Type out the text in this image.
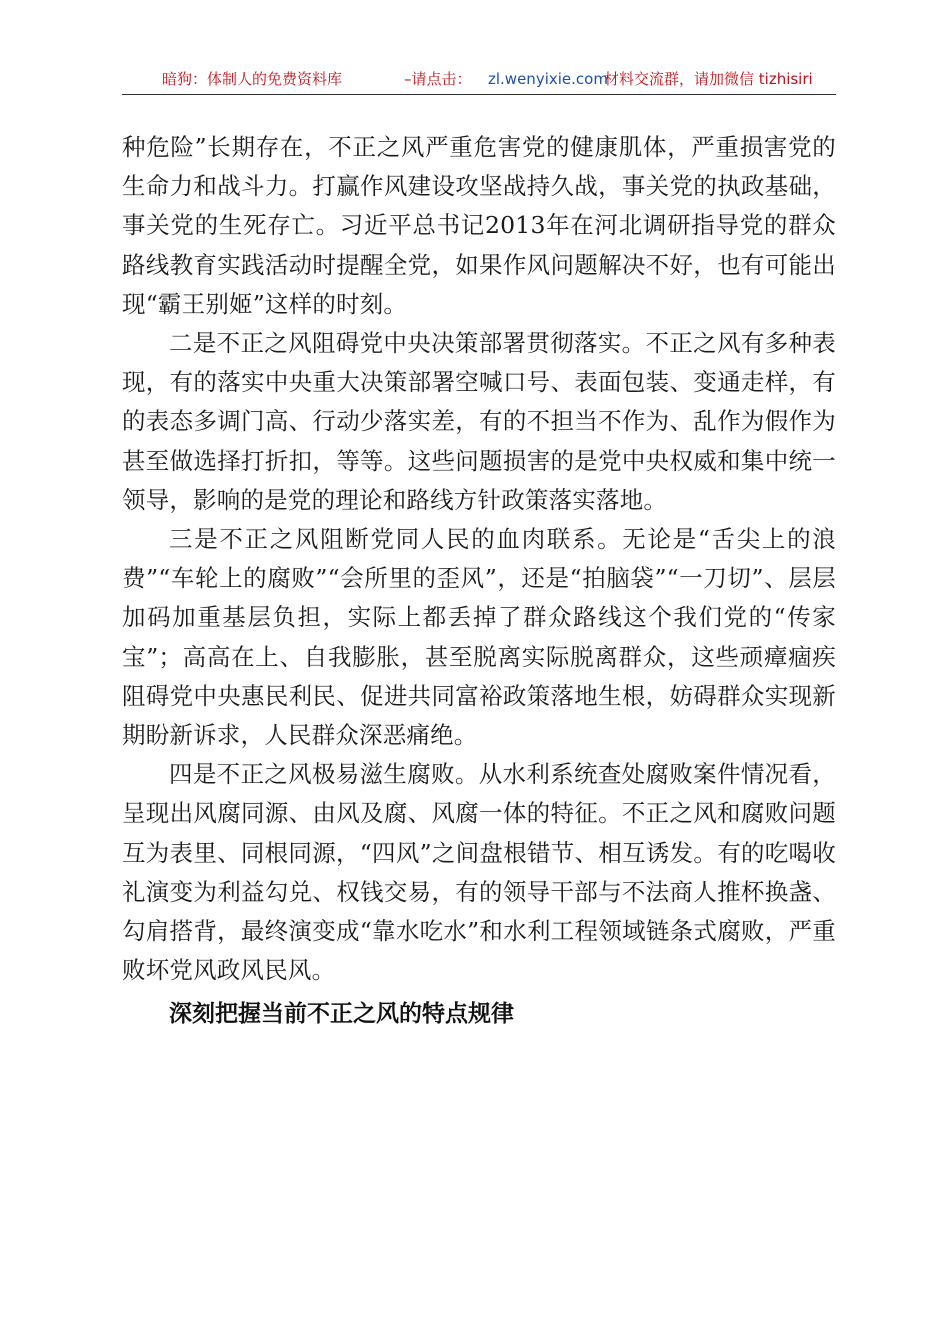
暗狗：体制人的免费资料库	–请点击： zl.wenyixie.com
材料交流群，请加微信 tizhisiri

种危险”长期存在，不正之风严重危害党的健康肌体，严重损害党的生命力和战斗力。打赢作风建设攻坚战持久战，事关党的执政基础，事关党的生死存亡。习近平总书记2013年在河北调研指导党的群众路线教育实践活动时提醒全党，如果作风问题解决不好，也有可能出现“霸王别姬”这样的时刻。

二是不正之风阻碍党中央决策部署贯彻落实。不正之风有多种表现，有的落实中央重大决策部署空喊口号、表面包装、变通走样，有的表态多调门高、行动少落实差，有的不担当不作为、乱作为假作为甚至做选择打折扣，等等。这些问题损害的是党中央权威和集中统一领导，影响的是党的理论和路线方针政策落实落地。

三是不正之风阻断党同人民的血肉联系。无论是“舌尖上的浪费”“车轮上的腐败”“会所里的歪风”，还是“拍脑袋”“一刀切”、层层加码加重基层负担，实际上都丢掉了群众路线这个我们党的“传家宝”；高高在上、自我膨胀，甚至脱离实际脱离群众，这些顽瘴痼疾阻碍党中央惠民利民、促进共同富裕政策落地生根，妨碍群众实现新期盼新诉求，人民群众深恶痛绝。

四是不正之风极易滋生腐败。从水利系统查处腐败案件情况看，呈现出风腐同源、由风及腐、风腐一体的特征。不正之风和腐败问题互为表里、同根同源，“四风”之间盘根错节、相互诱发。有的吃喝收礼演变为利益勾兑、权钱交易，有的领导干部与不法商人推杯换盏、勾肩搭背，最终演变成“靠水吃水”和水利工程领域链条式腐败，严重败坏党风政风民风。

深刻把握当前不正之风的特点规律
